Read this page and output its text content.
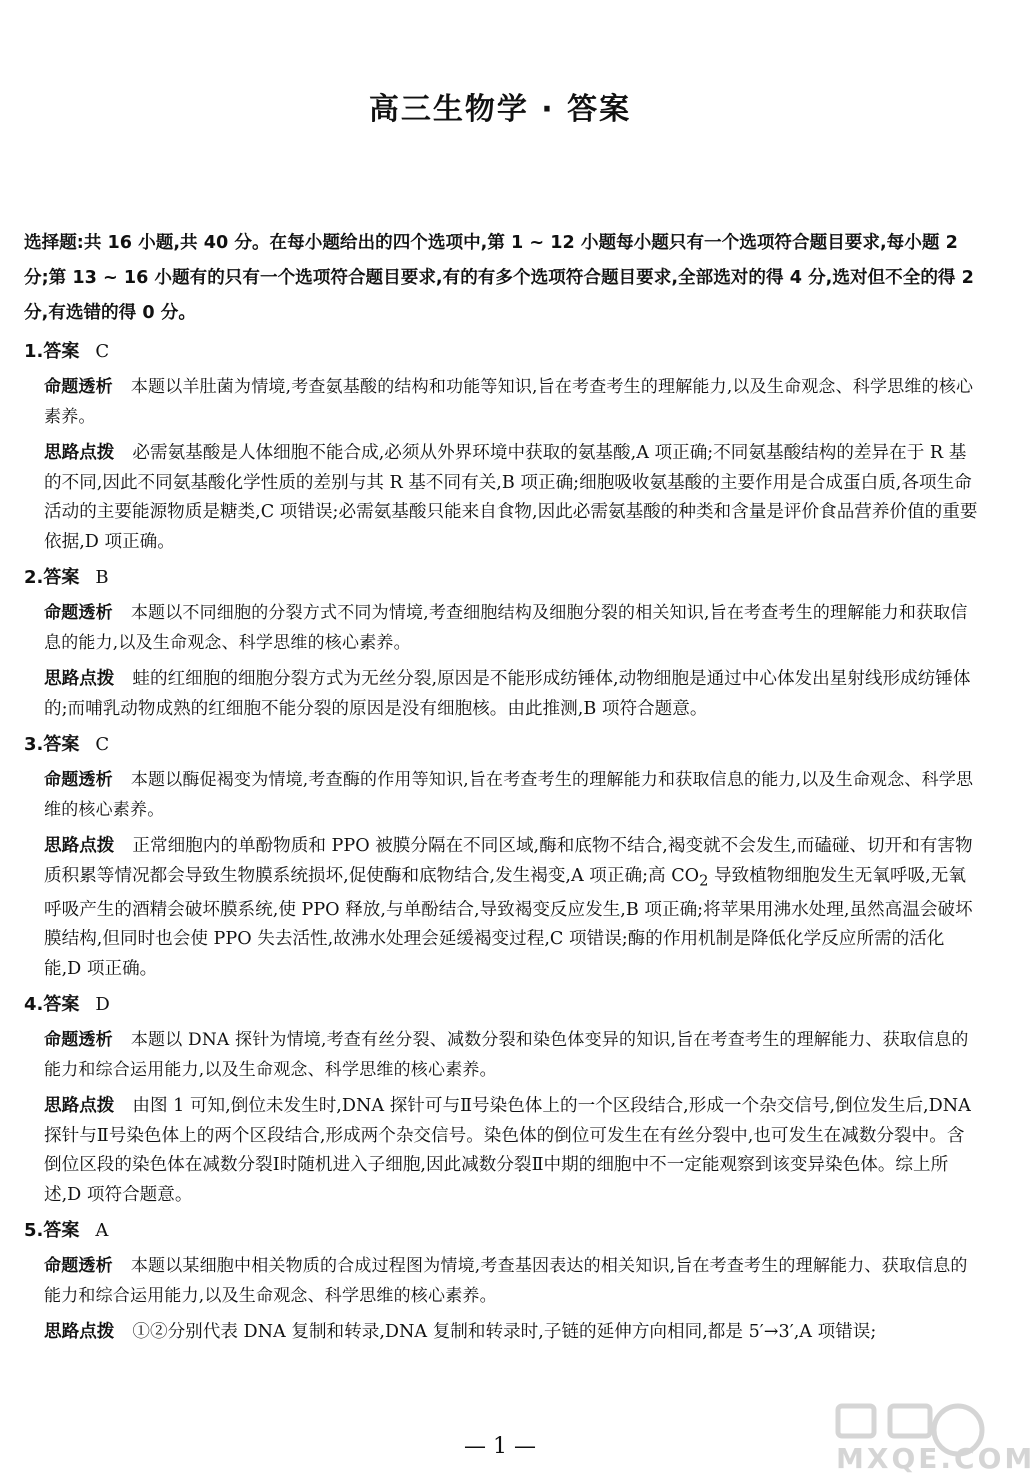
高三生物学 · 答案
选择题:共 16 小题,共 40 分。在每小题给出的四个选项中,第 1 ~ 12 小题每小题只有一个选项符合题目要求,每小题 2 分;第 13 ~ 16 小题有的只有一个选项符合题目要求,有的有多个选项符合题目要求,全部选对的得 4 分,选对但不全的得 2 分,有选错的得 0 分。
1.答案 C
命题透析 本题以羊肚菌为情境,考查氨基酸的结构和功能等知识,旨在考查考生的理解能力,以及生命观念、科学思维的核心素养。
思路点拨 必需氨基酸是人体细胞不能合成,必须从外界环境中获取的氨基酸,A 项正确;不同氨基酸结构的差异在于 R 基的不同,因此不同氨基酸化学性质的差别与其 R 基不同有关,B 项正确;细胞吸收氨基酸的主要作用是合成蛋白质,各项生命活动的主要能源物质是糖类,C 项错误;必需氨基酸只能来自食物,因此必需氨基酸的种类和含量是评价食品营养价值的重要依据,D 项正确。
2.答案 B
命题透析 本题以不同细胞的分裂方式不同为情境,考查细胞结构及细胞分裂的相关知识,旨在考查考生的理解能力和获取信息的能力,以及生命观念、科学思维的核心素养。
思路点拨 蛙的红细胞的细胞分裂方式为无丝分裂,原因是不能形成纺锤体,动物细胞是通过中心体发出星射线形成纺锤体的;而哺乳动物成熟的红细胞不能分裂的原因是没有细胞核。由此推测,B 项符合题意。
3.答案 C
命题透析 本题以酶促褐变为情境,考查酶的作用等知识,旨在考查考生的理解能力和获取信息的能力,以及生命观念、科学思维的核心素养。
思路点拨 正常细胞内的单酚物质和 PPO 被膜分隔在不同区域,酶和底物不结合,褐变就不会发生,而磕碰、切开和有害物质积累等情况都会导致生物膜系统损坏,促使酶和底物结合,发生褐变,A 项正确;高 $CO_2$ 导致植物细胞发生无氧呼吸,无氧呼吸产生的酒精会破坏膜系统,使 PPO 释放,与单酚结合,导致褐变反应发生,B 项正确;将苹果用沸水处理,虽然高温会破坏膜结构,但同时也会使 PPO 失去活性,故沸水处理会延缓褐变过程,C 项错误;酶的作用机制是降低化学反应所需的活化能,D 项正确。
4.答案 D
命题透析 本题以 DNA 探针为情境,考查有丝分裂、减数分裂和染色体变异的知识,旨在考查考生的理解能力、获取信息的能力和综合运用能力,以及生命观念、科学思维的核心素养。
思路点拨 由图 1 可知,倒位未发生时,DNA 探针可与Ⅱ号染色体上的一个区段结合,形成一个杂交信号,倒位发生后,DNA 探针与Ⅱ号染色体上的两个区段结合,形成两个杂交信号。染色体的倒位可发生在有丝分裂中,也可发生在减数分裂中。含倒位区段的染色体在减数分裂Ⅰ时随机进入子细胞,因此减数分裂Ⅱ中期的细胞中不一定能观察到该变异染色体。综上所述,D 项符合题意。
5.答案 A
命题透析 本题以某细胞中相关物质的合成过程图为情境,考查基因表达的相关知识,旨在考查考生的理解能力、获取信息的能力和综合运用能力,以及生命观念、科学思维的核心素养。
思路点拨 ①②分别代表 DNA 复制和转录,DNA 复制和转录时,子链的延伸方向相同,都是 5′→3′,A 项错误;
MXQE.COM
— 1 —
